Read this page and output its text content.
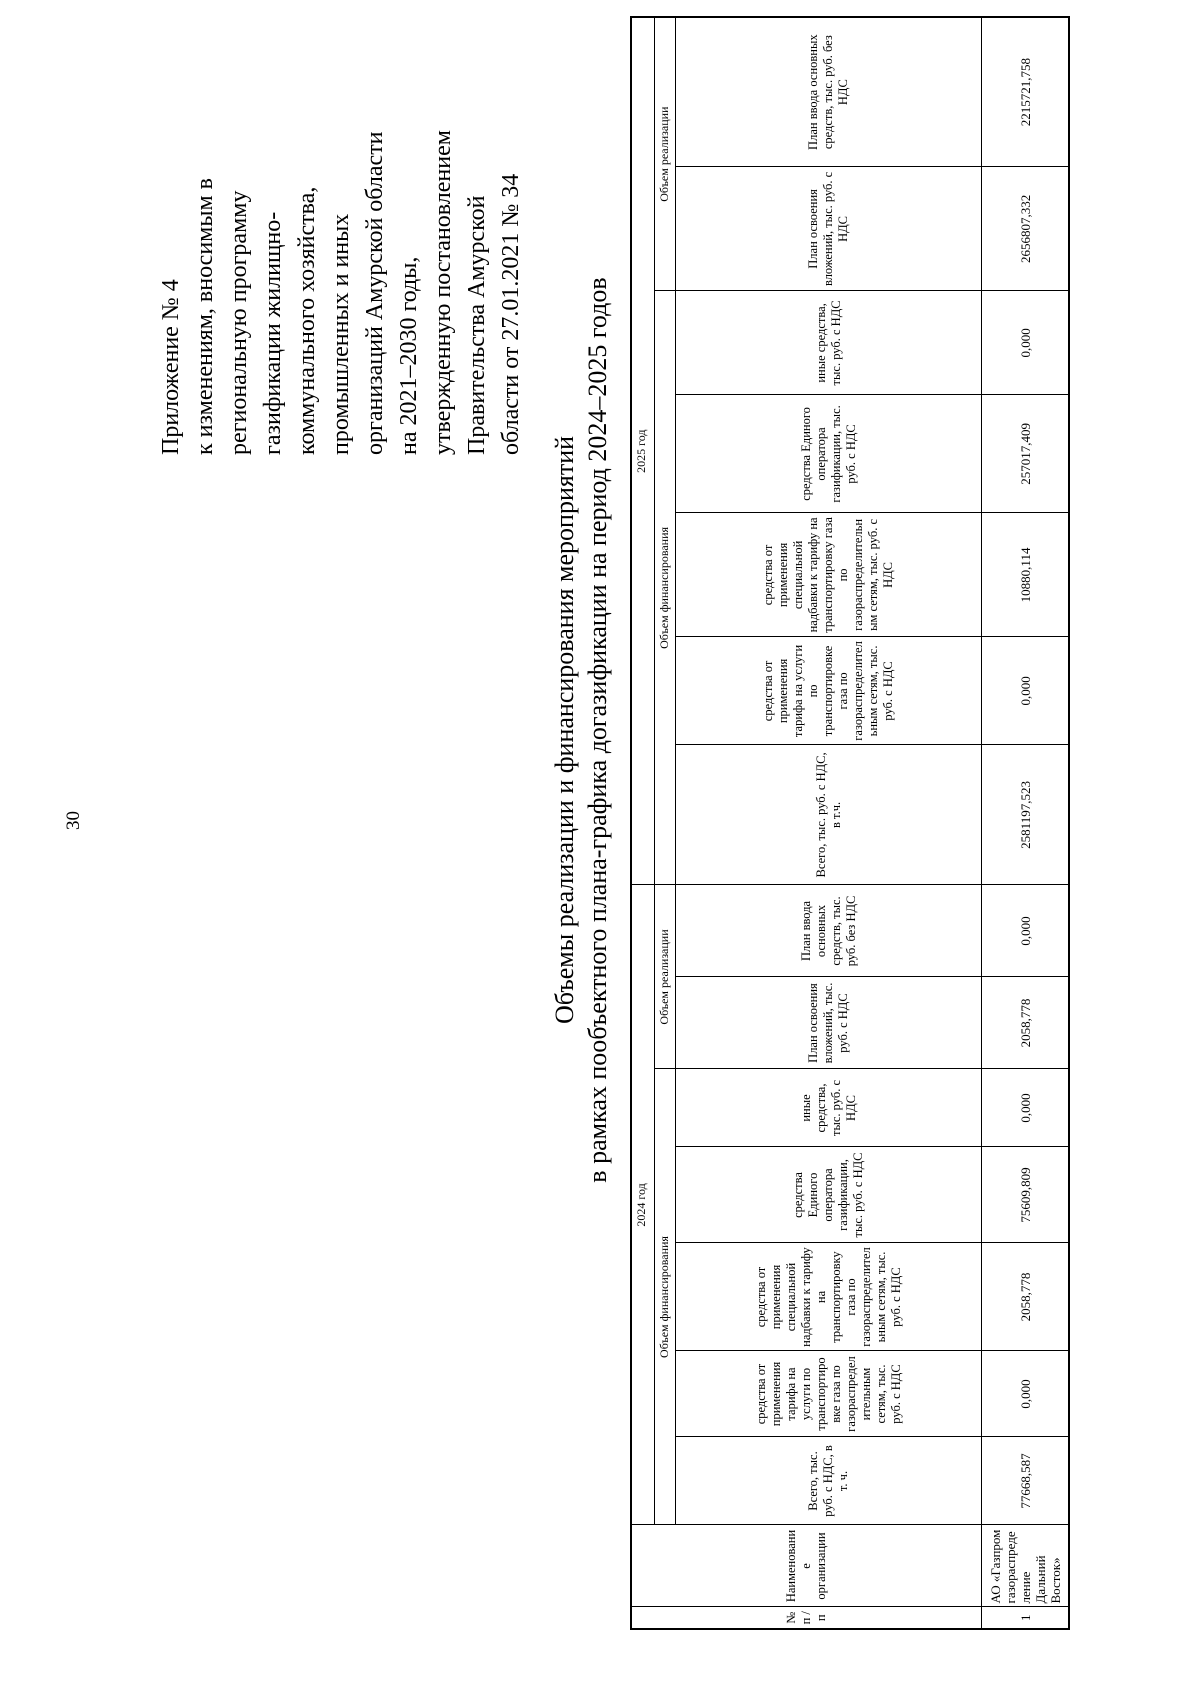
30
Приложение № 4 к изменениям, вносимым в региональную программу газификации жилищно- коммунального хозяйства, промышленных и иных организаций Амурской области на 2021–2030 годы, утвержденную постановлением Правительства Амурской области от 27.01.2021 № 34
Объемы реализации и финансирования мероприятий в рамках пообъектного плана-графика догазификации на период 2024–2025 годов
№ п / п	Наименование организации	2024 год							2025 год						
		Объем финансирования					Объем реализации		Объем финансирования					Объем реализации	
		Всего, тыс. руб. с НДС, в т. ч.	средства от применения тарифа на услуги по транспортировке газа по газораспределительным сетям, тыс. руб. с НДС	средства от применения специальной надбавки к тарифу на транспортировку газа по газораспределительным сетям, тыс. руб. с НДС	средства Единого оператора газификации, тыс. руб. с НДС	иные средства, тыс. руб. с НДС	План освоения вложений, тыс. руб. с НДС	План ввода основных средств, тыс. руб. без НДС	Всего, тыс. руб. с НДС, в т.ч.	средства от применения тарифа на услуги по транспортировке газа по газораспределительным сетям, тыс. руб. с НДС	средства от применения специальной надбавки к тарифу на транспортировку газа по газораспределительным сетям, тыс. руб. с НДС	средства Единого оператора газификации, тыс. руб. с НДС	иные средства, тыс. руб. с НДС	План освоения вложений, тыс. руб. с НДС	План ввода основных средств, тыс. руб. без НДС
1	АО «Газпром газораспределение Дальний Восток»	77668,587	0,000	2058,778	75609,809	0,000	2058,778	0,000	2581197,523	0,000	10880,114	257017,409	0,000	2656807,332	2215721,758
